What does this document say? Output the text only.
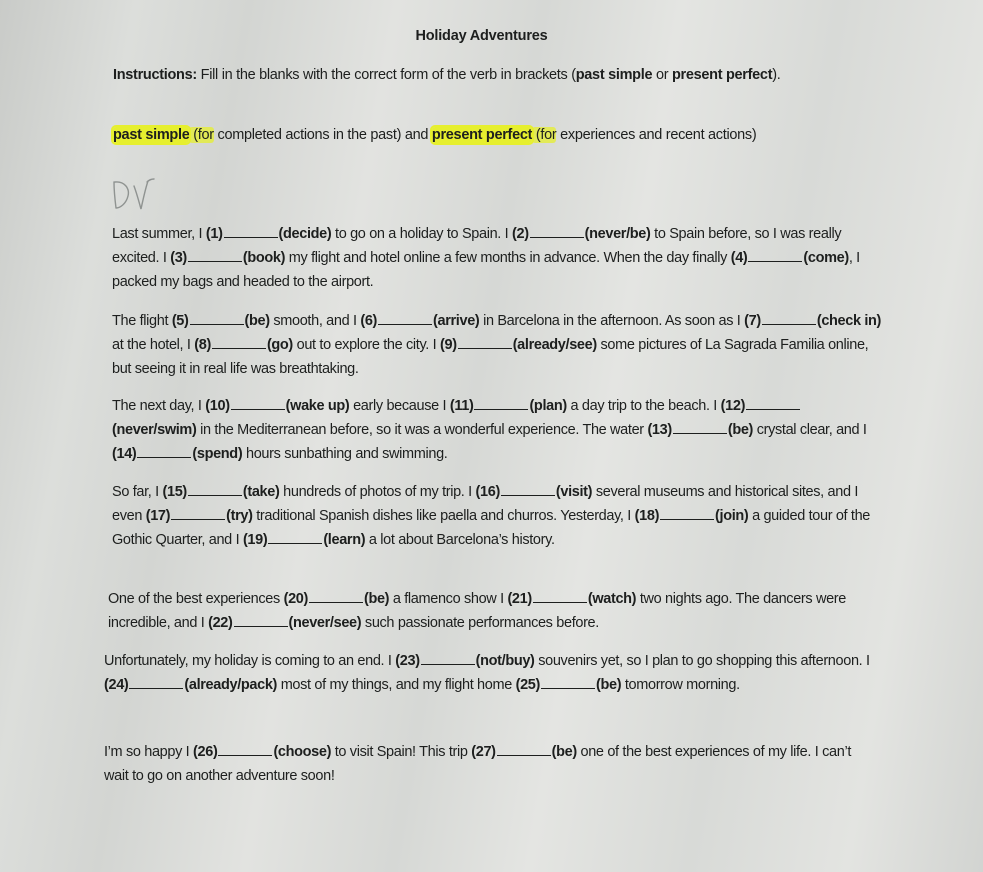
Holiday Adventures
Instructions: Fill in the blanks with the correct form of the verb in brackets (past simple or present perfect).
past simple (for completed actions in the past) and present perfect (for experiences and recent actions)
Last summer, I (1)	(decide) to go on a holiday to Spain. I (2)	(never/be) to Spain before, so I was really excited. I (3)	(book) my flight and hotel online a few months in advance. When the day finally (4)	(come), I packed my bags and headed to the airport.
The flight (5)	(be) smooth, and I (6)	(arrive) in Barcelona in the afternoon. As soon as I (7)	(check in) at the hotel, I (8)	(go) out to explore the city. I (9)	(already/see) some pictures of La Sagrada Familia online, but seeing it in real life was breathtaking.
The next day, I (10)	(wake up) early because I (11)	(plan) a day trip to the beach. I (12)(never/swim) in the Mediterranean before, so it was a wonderful experience. The water (13)	(be) crystal clear, and I (14)	(spend) hours sunbathing and swimming.
So far, I (15)	(take) hundreds of photos of my trip. I (16)	(visit) several museums and historical sites, and I even (17)	(try) traditional Spanish dishes like paella and churros. Yesterday, I (18)	(join) a guided tour of the Gothic Quarter, and I (19)	(learn) a lot about Barcelona’s history.
One of the best experiences (20)	(be) a flamenco show I (21)	(watch) two nights ago. The dancers were incredible, and I (22)	(never/see) such passionate performances before.
Unfortunately, my holiday is coming to an end. I (23)	(not/buy) souvenirs yet, so I plan to go shopping this afternoon. I (24)	(already/pack) most of my things, and my flight home (25)	(be) tomorrow morning.
I’m so happy I (26)	(choose) to visit Spain! This trip (27)	(be) one of the best experiences of my life. I can’t wait to go on another adventure soon!
